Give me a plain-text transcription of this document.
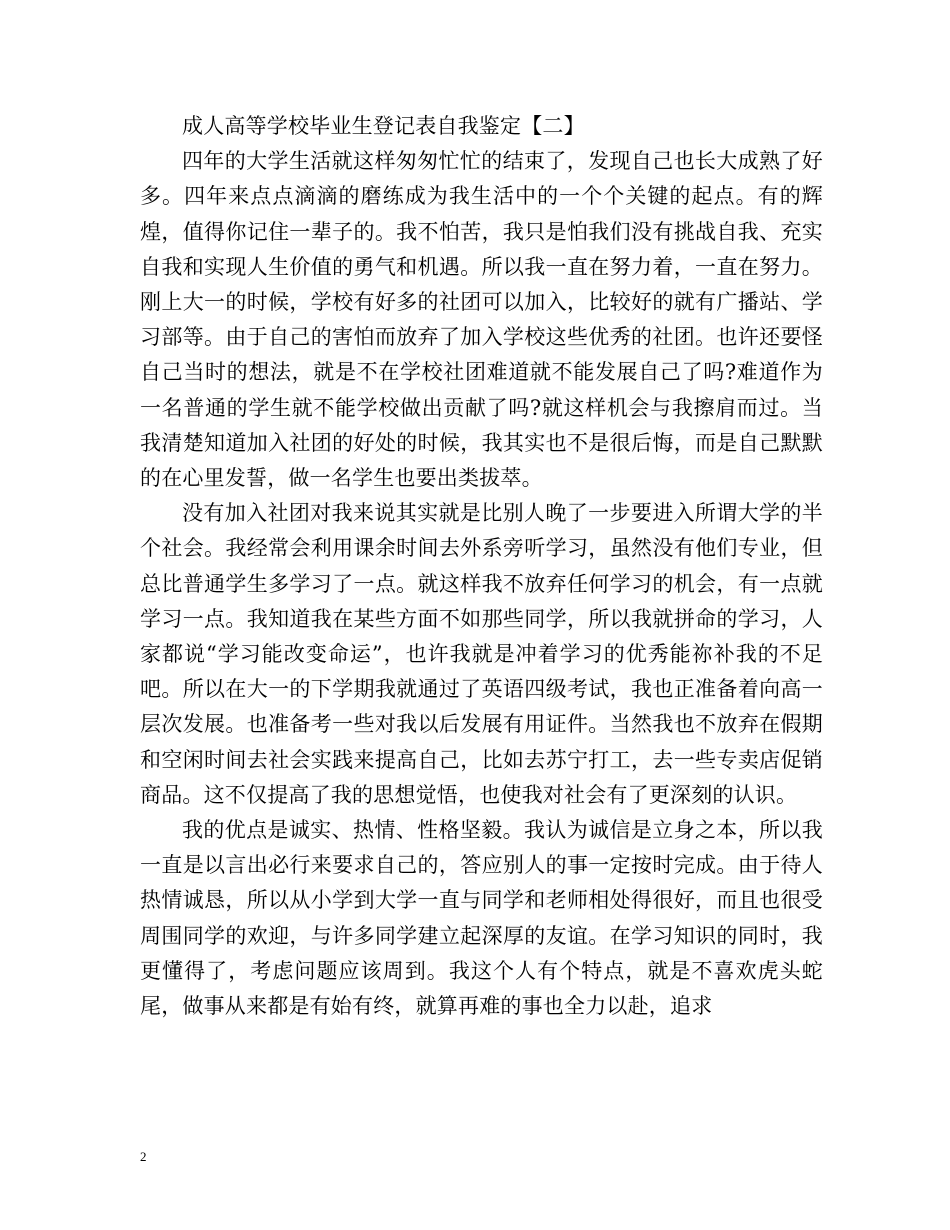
成人高等学校毕业生登记表自我鉴定【二】

四年的大学生活就这样匆匆忙忙的结束了，发现自己也长大成熟了好多。四年来点点滴滴的磨练成为我生活中的一个个关键的起点。有的辉煌，值得你记住一辈子的。我不怕苦，我只是怕我们没有挑战自我、充实自我和实现人生价值的勇气和机遇。所以我一直在努力着，一直在努力。刚上大一的时候，学校有好多的社团可以加入，比较好的就有广播站、学习部等。由于自己的害怕而放弃了加入学校这些优秀的社团。也许还要怪自己当时的想法，就是不在学校社团难道就不能发展自己了吗?难道作为一名普通的学生就不能学校做出贡献了吗?就这样机会与我擦肩而过。当我清楚知道加入社团的好处的时候，我其实也不是很后悔，而是自己默默的在心里发誓，做一名学生也要出类拔萃。

没有加入社团对我来说其实就是比别人晚了一步要进入所谓大学的半个社会。我经常会利用课余时间去外系旁听学习，虽然没有他们专业，但总比普通学生多学习了一点。就这样我不放弃任何学习的机会，有一点就学习一点。我知道我在某些方面不如那些同学，所以我就拼命的学习，人家都说“学习能改变命运”，也许我就是冲着学习的优秀能祢补我的不足吧。所以在大一的下学期我就通过了英语四级考试，我也正准备着向高一层次发展。也准备考一些对我以后发展有用证件。当然我也不放弃在假期和空闲时间去社会实践来提高自己，比如去苏宁打工，去一些专卖店促销商品。这不仅提高了我的思想觉悟，也使我对社会有了更深刻的认识。

我的优点是诚实、热情、性格坚毅。我认为诚信是立身之本，所以我一直是以言出必行来要求自己的，答应别人的事一定按时完成。由于待人热情诚恳，所以从小学到大学一直与同学和老师相处得很好，而且也很受周围同学的欢迎，与许多同学建立起深厚的友谊。在学习知识的同时，我更懂得了，考虑问题应该周到。我这个人有个特点，就是不喜欢虎头蛇尾，做事从来都是有始有终，就算再难的事也全力以赴，追求

2
